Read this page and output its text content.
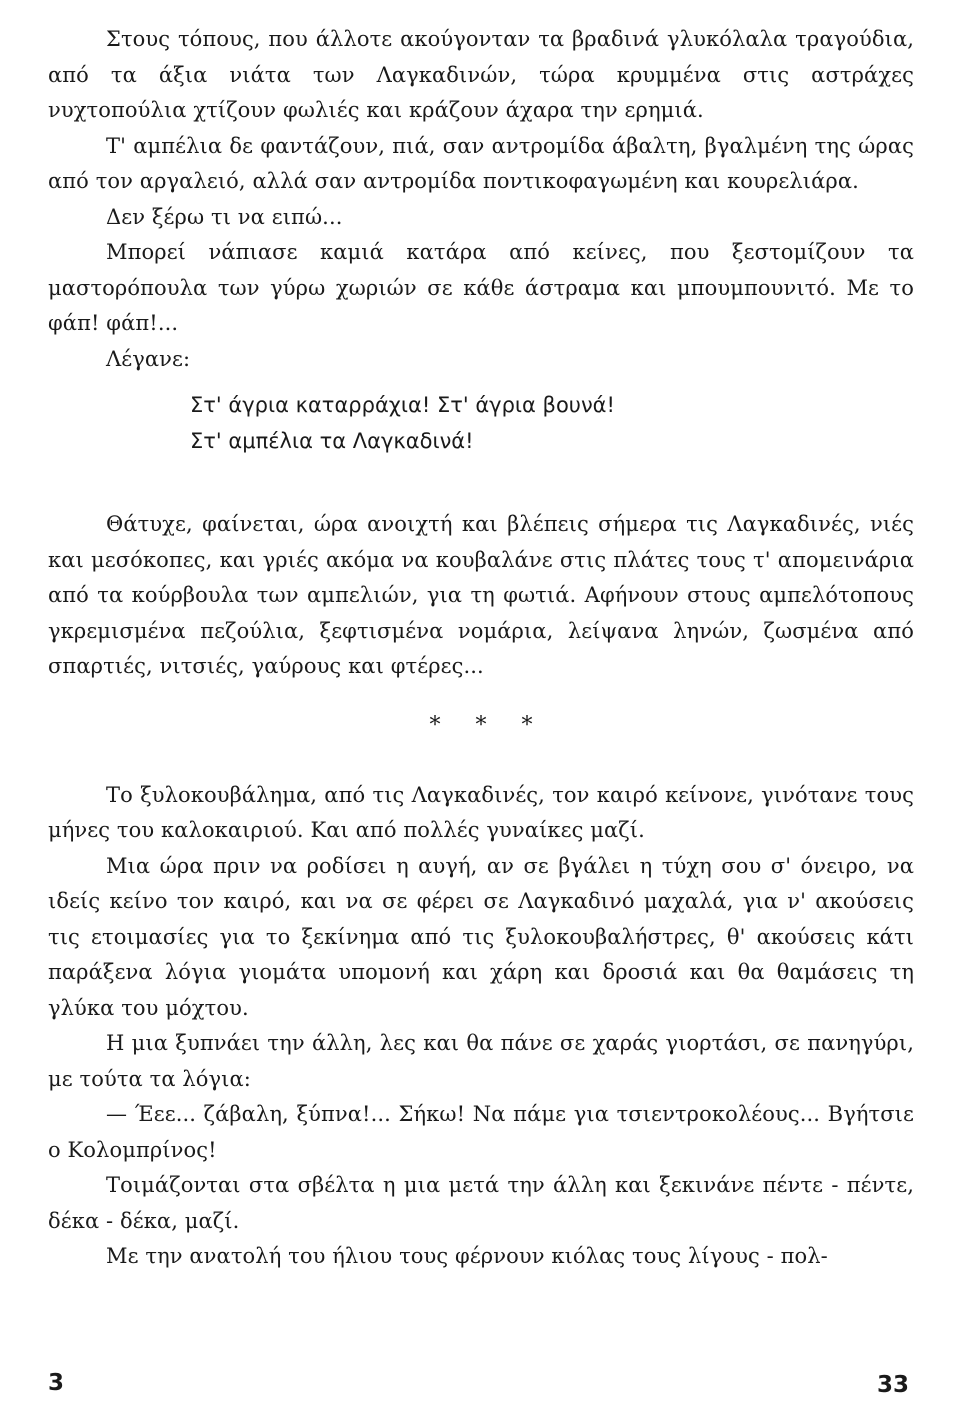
Στους τόπους, που άλλοτε ακούγονταν τα βραδινά γλυκόλαλα τραγούδια, από τα άξια νιάτα των Λαγκαδινών, τώρα κρυμμένα στις αστράχες νυχτοπούλια χτίζουν φωλιές και κράζουν άχαρα την ερημιά.

Τ' αμπέλια δε φαντάζουν, πιά, σαν αντρομίδα άβαλτη, βγαλμένη της ώρας από τον αργαλειό, αλλά σαν αντρομίδα ποντικοφαγωμένη και κουρελιάρα.

Δεν ξέρω τι να ειπώ...

Μπορεί νάπιασε καμιά κατάρα από κείνες, που ξεστομίζουν τα μαστορόπουλα των γύρω χωριών σε κάθε άστραμα και μπουμπουνιτό. Με το φάπ! φάπ!...

Λέγανε:

Στ' άγρια καταρράχια! Στ' άγρια βουνά!
Στ' αμπέλια τα Λαγκαδινά!

Θάτυχε, φαίνεται, ώρα ανοιχτή και βλέπεις σήμερα τις Λαγκαδινές, νιές και μεσόκοπες, και γριές ακόμα να κουβαλάνε στις πλάτες τους τ' απομεινάρια από τα κούρβουλα των αμπελιών, για τη φωτιά. Αφήνουν στους αμπελότοπους γκρεμισμένα πεζούλια, ξεφτισμένα νομάρια, λείψανα ληνών, ζωσμένα από σπαρτιές, νιτσιές, γαύρους και φτέρες...

* * *

Το ξυλοκουβάλημα, από τις Λαγκαδινές, τον καιρό κείνονε, γινότανε τους μήνες του καλοκαιριού. Και από πολλές γυναίκες μαζί.

Μια ώρα πριν να ροδίσει η αυγή, αν σε βγάλει η τύχη σου σ' όνειρο, να ιδείς κείνο τον καιρό, και να σε φέρει σε Λαγκαδινό μαχαλά, για ν' ακούσεις τις ετοιμασίες για το ξεκίνημα από τις ξυλοκουβαλήστρες, θ' ακούσεις κάτι παράξενα λόγια γιομάτα υπομονή και χάρη και δροσιά και θα θαμάσεις τη γλύκα του μόχτου.

Η μια ξυπνάει την άλλη, λες και θα πάνε σε χαράς γιορτάσι, σε πανηγύρι, με τούτα τα λόγια:

— Έεε... ζάβαλη, ξύπνα!... Σήκω! Να πάμε για τσιεντροκολέους... Βγήτσιε ο Κολομπρίνος!

Τοιμάζονται στα σβέλτα η μια μετά την άλλη και ξεκινάνε πέντε - πέντε, δέκα - δέκα, μαζί.

Με την ανατολή του ήλιου τους φέρνουν κιόλας τους λίγους - πολ-

3	33
